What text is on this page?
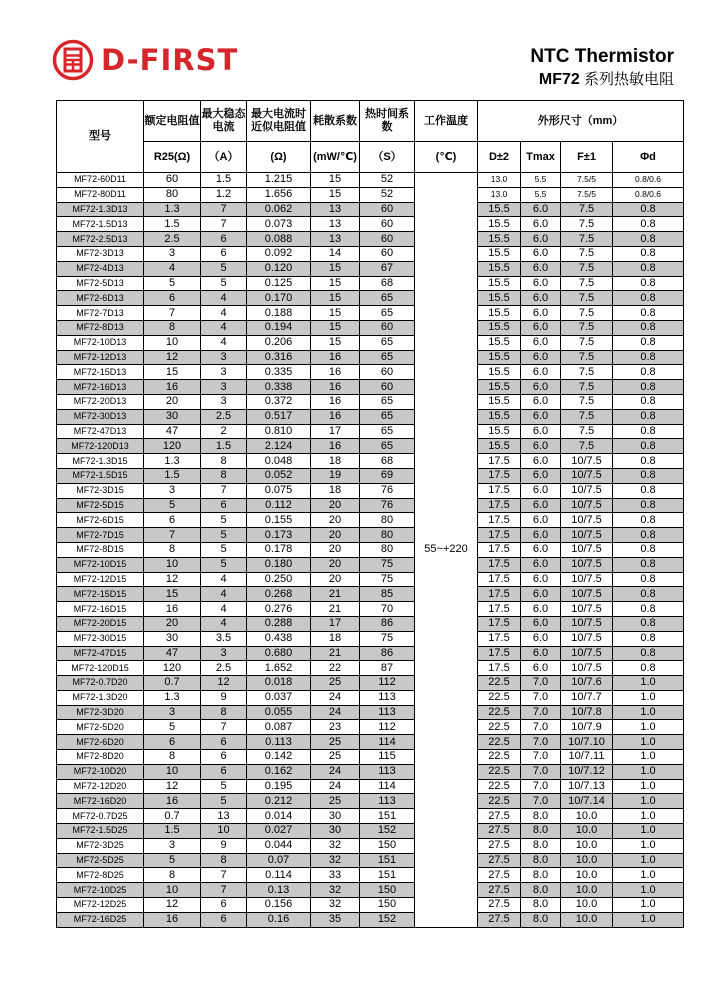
D-FIRST	NTC Thermistor
MF72 系列热敏电阻
型号	额定电阻值	最大稳态电流	最大电流时近似电阻值	耗散系数	热时间系数	工作温度	外形尺寸（mm）			
	R25(Ω)	（A）	(Ω)	(mW/℃)	（S）	(℃)	D±2	Tmax	F±1	Φd
MF72-60D11	60	1.5	1.215	15	52	55~+220	13.0	5.5	7.5/5	0.8/0.6
MF72-80D11	80	1.2	1.656	15	52		13.0	5.5	7.5/5	0.8/0.6
MF72-1.3D13	1.3	7	0.062	13	60		15.5	6.0	7.5	0.8
MF72-1.5D13	1.5	7	0.073	13	60		15.5	6.0	7.5	0.8
MF72-2.5D13	2.5	6	0.088	13	60		15.5	6.0	7.5	0.8
MF72-3D13	3	6	0.092	14	60		15.5	6.0	7.5	0.8
MF72-4D13	4	5	0.120	15	67		15.5	6.0	7.5	0.8
MF72-5D13	5	5	0.125	15	68		15.5	6.0	7.5	0.8
MF72-6D13	6	4	0.170	15	65		15.5	6.0	7.5	0.8
MF72-7D13	7	4	0.188	15	65		15.5	6.0	7.5	0.8
MF72-8D13	8	4	0.194	15	60		15.5	6.0	7.5	0.8
MF72-10D13	10	4	0.206	15	65		15.5	6.0	7.5	0.8
MF72-12D13	12	3	0.316	16	65		15.5	6.0	7.5	0.8
MF72-15D13	15	3	0.335	16	60		15.5	6.0	7.5	0.8
MF72-16D13	16	3	0.338	16	60		15.5	6.0	7.5	0.8
MF72-20D13	20	3	0.372	16	65		15.5	6.0	7.5	0.8
MF72-30D13	30	2.5	0.517	16	65		15.5	6.0	7.5	0.8
MF72-47D13	47	2	0.810	17	65		15.5	6.0	7.5	0.8
MF72-120D13	120	1.5	2.124	16	65		15.5	6.0	7.5	0.8
MF72-1.3D15	1.3	8	0.048	18	68		17.5	6.0	10/7.5	0.8
MF72-1.5D15	1.5	8	0.052	19	69		17.5	6.0	10/7.5	0.8
MF72-3D15	3	7	0.075	18	76		17.5	6.0	10/7.5	0.8
MF72-5D15	5	6	0.112	20	76		17.5	6.0	10/7.5	0.8
MF72-6D15	6	5	0.155	20	80		17.5	6.0	10/7.5	0.8
MF72-7D15	7	5	0.173	20	80		17.5	6.0	10/7.5	0.8
MF72-8D15	8	5	0.178	20	80		17.5	6.0	10/7.5	0.8
MF72-10D15	10	5	0.180	20	75		17.5	6.0	10/7.5	0.8
MF72-12D15	12	4	0.250	20	75		17.5	6.0	10/7.5	0.8
MF72-15D15	15	4	0.268	21	85		17.5	6.0	10/7.5	0.8
MF72-16D15	16	4	0.276	21	70		17.5	6.0	10/7.5	0.8
MF72-20D15	20	4	0.288	17	86		17.5	6.0	10/7.5	0.8
MF72-30D15	30	3.5	0.438	18	75		17.5	6.0	10/7.5	0.8
MF72-47D15	47	3	0.680	21	86		17.5	6.0	10/7.5	0.8
MF72-120D15	120	2.5	1.652	22	87		17.5	6.0	10/7.5	0.8
MF72-0.7D20	0.7	12	0.018	25	112		22.5	7.0	10/7.6	1.0
MF72-1.3D20	1.3	9	0.037	24	113		22.5	7.0	10/7.7	1.0
MF72-3D20	3	8	0.055	24	113		22.5	7.0	10/7.8	1.0
MF72-5D20	5	7	0.087	23	112		22.5	7.0	10/7.9	1.0
MF72-6D20	6	6	0.113	25	114		22.5	7.0	10/7.10	1.0
MF72-8D20	8	6	0.142	25	115		22.5	7.0	10/7.11	1.0
MF72-10D20	10	6	0.162	24	113		22.5	7.0	10/7.12	1.0
MF72-12D20	12	5	0.195	24	114		22.5	7.0	10/7.13	1.0
MF72-16D20	16	5	0.212	25	113		22.5	7.0	10/7.14	1.0
MF72-0.7D25	0.7	13	0.014	30	151		27.5	8.0	10.0	1.0
MF72-1.5D25	1.5	10	0.027	30	152		27.5	8.0	10.0	1.0
MF72-3D25	3	9	0.044	32	150		27.5	8.0	10.0	1.0
MF72-5D25	5	8	0.07	32	151		27.5	8.0	10.0	1.0
MF72-8D25	8	7	0.114	33	151		27.5	8.0	10.0	1.0
MF72-10D25	10	7	0.13	32	150		27.5	8.0	10.0	1.0
MF72-12D25	12	6	0.156	32	150		27.5	8.0	10.0	1.0
MF72-16D25	16	6	0.16	35	152		27.5	8.0	10.0	1.0
